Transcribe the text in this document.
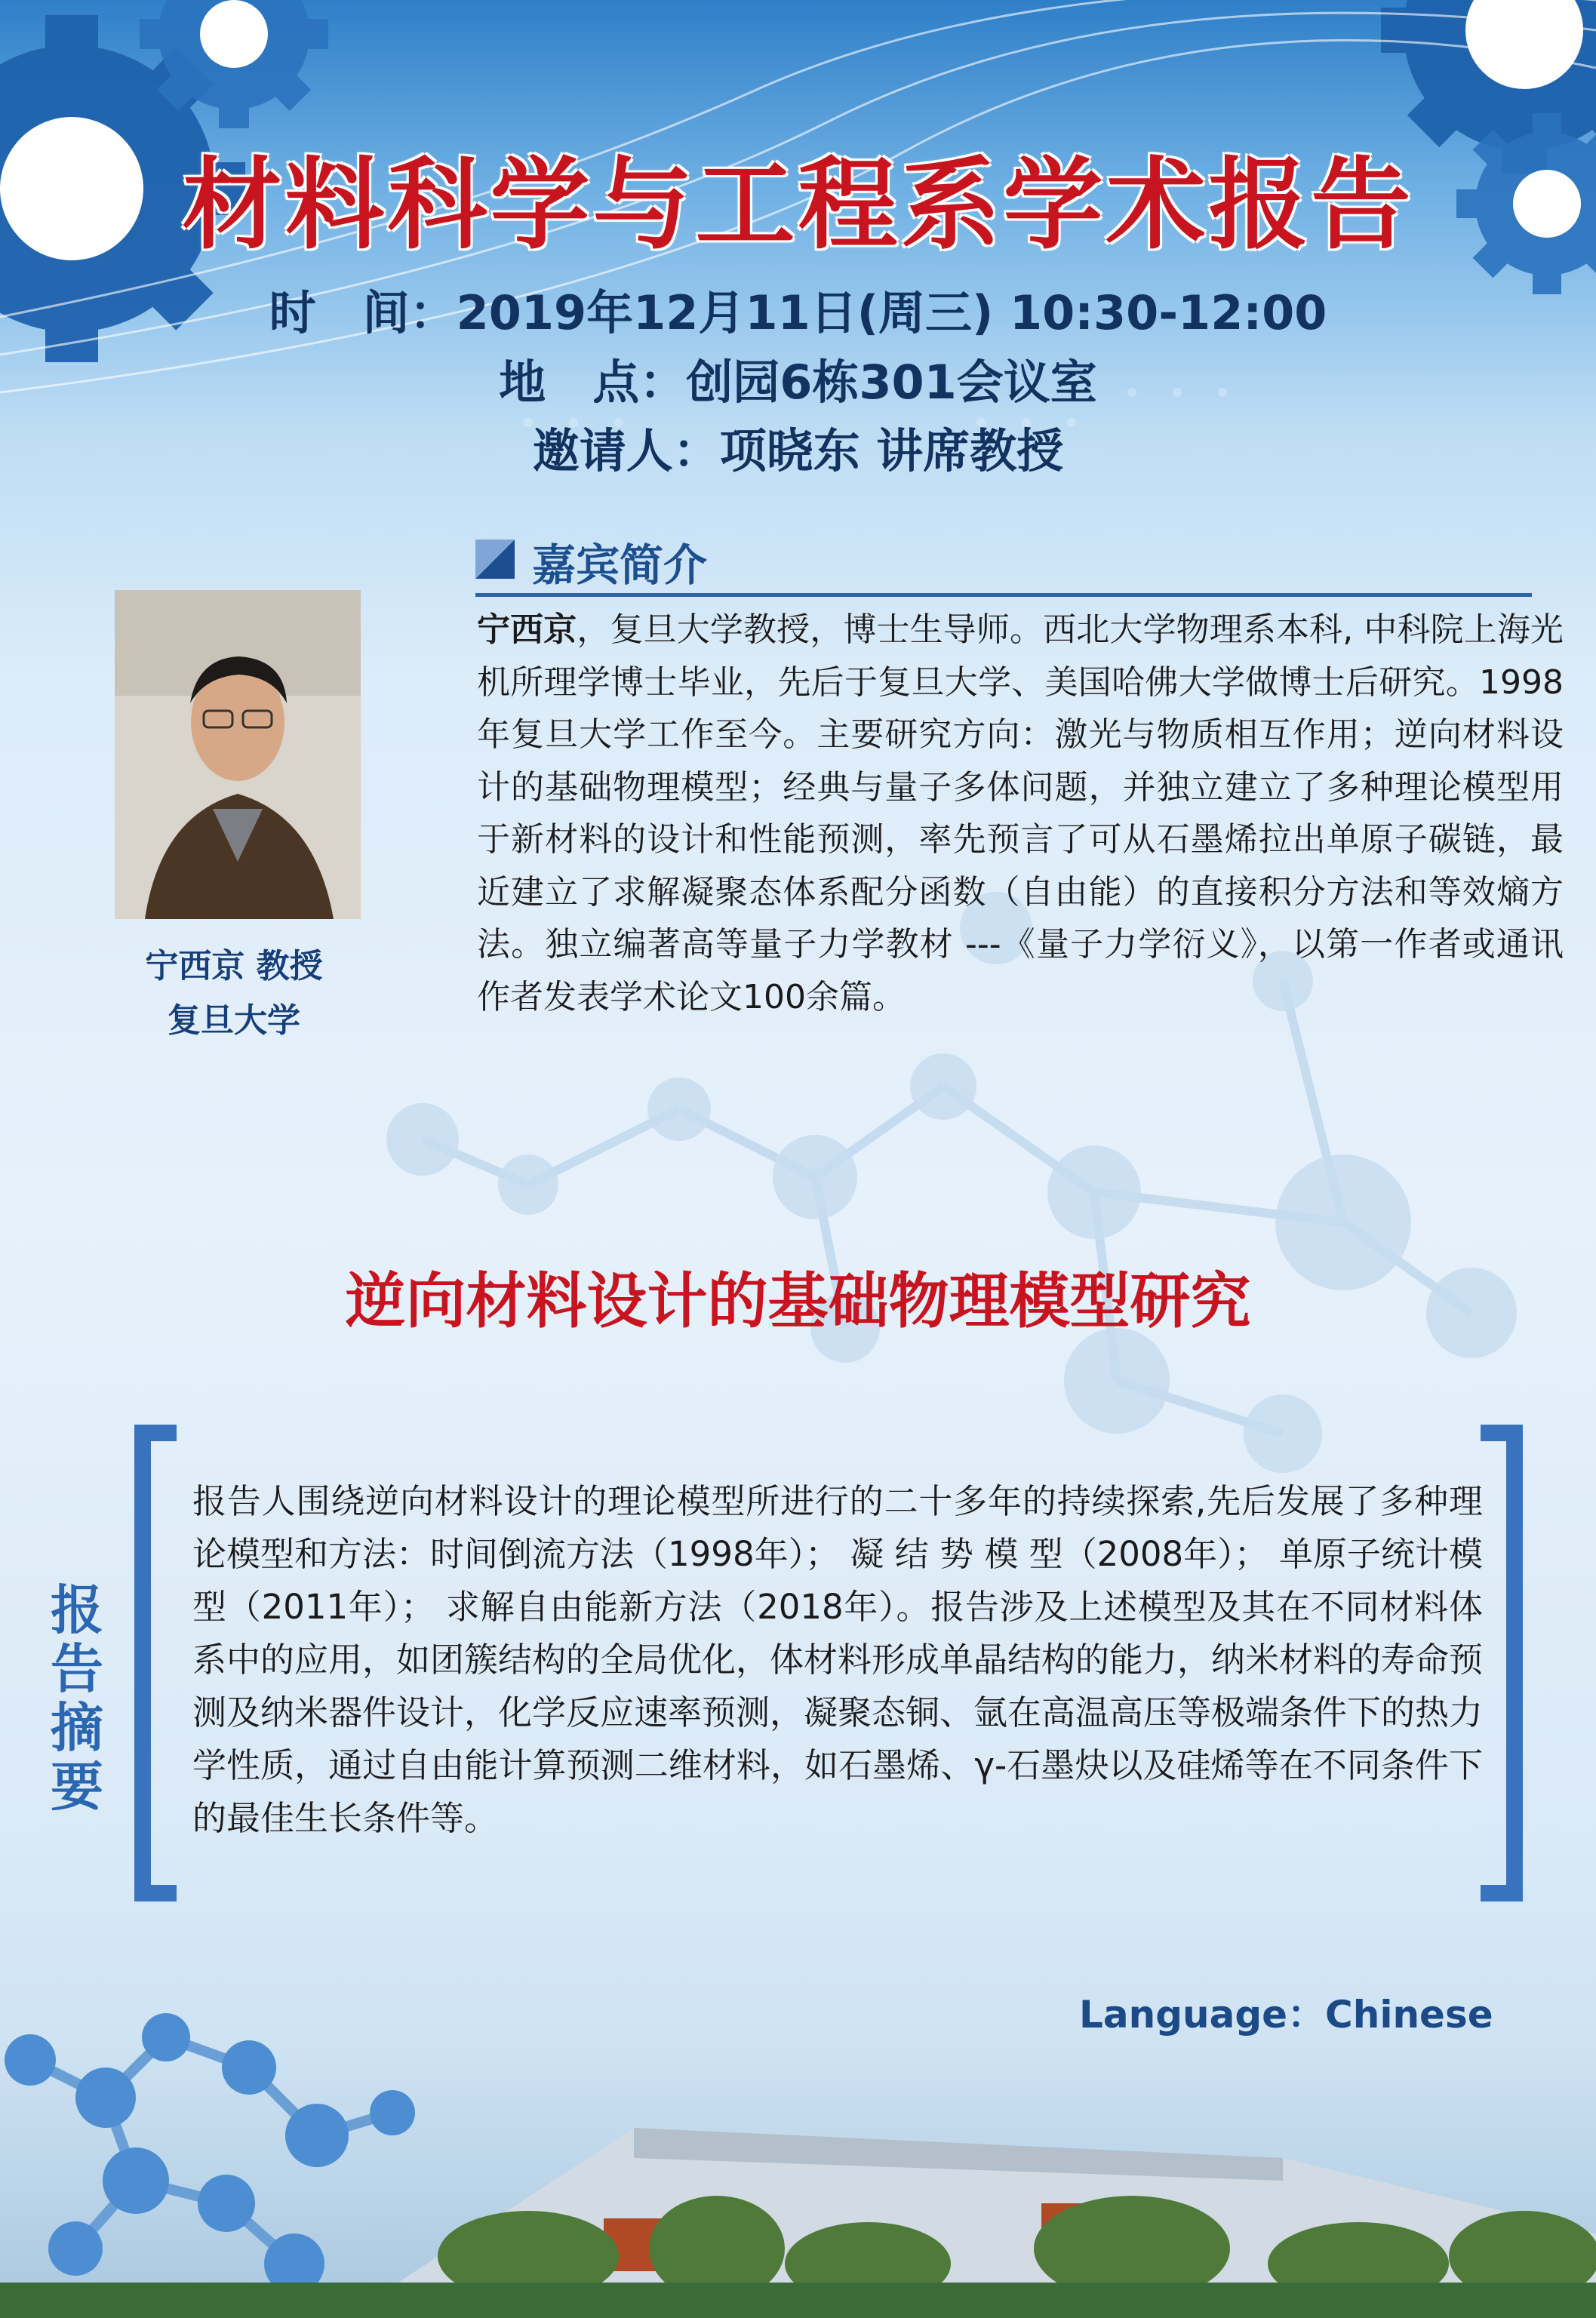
材料科学与工程系学术报告
时　间：2019年12月11日(周三) 10:30-12:00
地　点：创园6栋301会议室
邀请人：项晓东 讲席教授
嘉宾简介
宁西京 教授
复旦大学
宁西京，复旦大学教授，博士生导师。西北大学物理系本科, 中科院上海光机所理学博士毕业，先后于复旦大学、美国哈佛大学做博士后研究。1998年复旦大学工作至今。主要研究方向：激光与物质相互作用；逆向材料设计的基础物理模型；经典与量子多体问题，并独立建立了多种理论模型用于新材料的设计和性能预测，率先预言了可从石墨烯拉出单原子碳链，最近建立了求解凝聚态体系配分函数（自由能）的直接积分方法和等效熵方法。独立编著高等量子力学教材 ---《量子力学衍义》，以第一作者或通讯作者发表学术论文100余篇。
逆向材料设计的基础物理模型研究
报告摘要
报告人围绕逆向材料设计的理论模型所进行的二十多年的持续探索,先后发展了多种理论模型和方法：时间倒流方法（1998年）； 凝 结 势 模 型（2008年）； 单原子统计模型（2011年）； 求解自由能新方法（2018年）。报告涉及上述模型及其在不同材料体系中的应用，如团簇结构的全局优化，体材料形成单晶结构的能力，纳米材料的寿命预测及纳米器件设计，化学反应速率预测，凝聚态铜、氩在高温高压等极端条件下的热力学性质，通过自由能计算预测二维材料，如石墨烯、γ-石墨炔以及硅烯等在不同条件下的最佳生长条件等。
Language：Chinese
